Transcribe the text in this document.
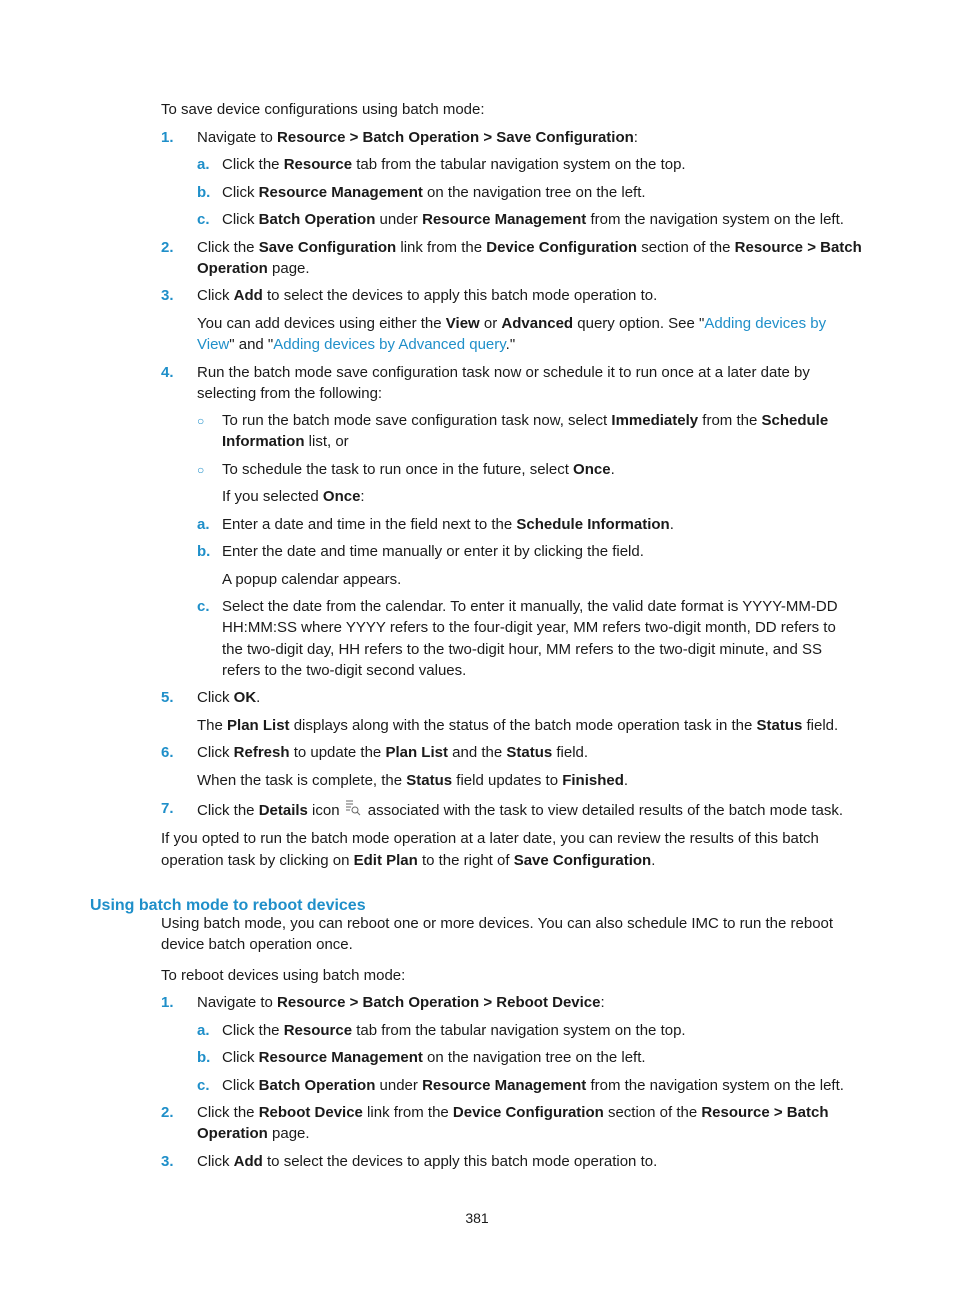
To save device configurations using batch mode:

1. Navigate to Resource > Batch Operation > Save Configuration:

a. Click the Resource tab from the tabular navigation system on the top.

b. Click Resource Management on the navigation tree on the left.

c. Click Batch Operation under Resource Management from the navigation system on the left.

2. Click the Save Configuration link from the Device Configuration section of the Resource > Batch

Operation page.

3. Click Add to select the devices to apply this batch mode operation to.

You can add devices using either the View or Advanced query option. See "Adding devices by

View" and "Adding devices by Advanced query."

4. Run the batch mode save configuration task now or schedule it to run once at a later date by

selecting from the following:

○ To run the batch mode save configuration task now, select Immediately from the Schedule

Information list, or

○ To schedule the task to run once in the future, select Once.

If you selected Once:

a. Enter a date and time in the field next to the Schedule Information.

b. Enter the date and time manually or enter it by clicking the field.

A popup calendar appears.

c. Select the date from the calendar. To enter it manually, the valid date format is YYYY-MM-DD

HH:MM:SS where YYYY refers to the four-digit year, MM refers two-digit month, DD refers to

the two-digit day, HH refers to the two-digit hour, MM refers to the two-digit minute, and SS

refers to the two-digit second values.

5. Click OK.

The Plan List displays along with the status of the batch mode operation task in the Status field.

6. Click Refresh to update the Plan List and the Status field.

When the task is complete, the Status field updates to Finished.

7. Click the Details icon associated with the task to view detailed results of the batch mode task.

If you opted to run the batch mode operation at a later date, you can review the results of this batch

operation task by clicking on Edit Plan to the right of Save Configuration.

Using batch mode to reboot devices

Using batch mode, you can reboot one or more devices. You can also schedule IMC to run the reboot

device batch operation once.

To reboot devices using batch mode:

1. Navigate to Resource > Batch Operation > Reboot Device:

a. Click the Resource tab from the tabular navigation system on the top.

b. Click Resource Management on the navigation tree on the left.

c. Click Batch Operation under Resource Management from the navigation system on the left.

2. Click the Reboot Device link from the Device Configuration section of the Resource > Batch

Operation page.

3. Click Add to select the devices to apply this batch mode operation to.

381
